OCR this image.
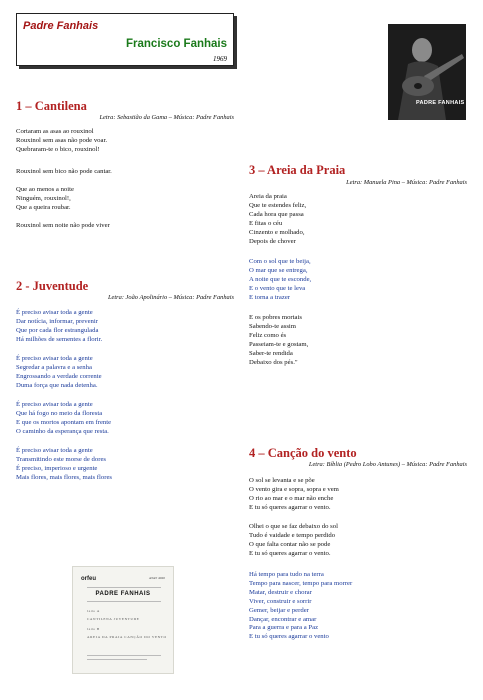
Padre Fanhais
Francisco Fanhais
1969
PADRE FANHAIS
1 – Cantilena
Letra: Sebastião da Gama – Música: Padre Fanhais
Cortaram as asas ao rouxinol
Rouxinol sem asas não pode voar.
Quebraram-te o bico, rouxinol!
Rouxinol sem bico não pode cantar.
Que ao menos a noite
Ninguém, rouxinol!,
Que a queira roubar.
Rouxinol sem noite não pode viver
2 - Juventude
Letra: João Apolinário – Música: Padre Fanhais
É preciso avisar toda a gente
Dar notícia, informar, prevenir
Que por cada flor estrangulada
Há milhões de sementes a florir.
É preciso avisar toda a gente
Segredar a palavra e a senha
Engrossando a verdade corrente
Duma força que nada detenha.
É preciso avisar toda a gente
Que há fogo no meio da floresta
E que os mortos apontam em frente
O caminho da esperança que resta.
É preciso avisar toda a gente
Transmitindo este morse de dores
É preciso, imperioso e urgente
Mais flores, mais flores, mais flores
3 – Areia da Praia
Letra: Manuela Pina – Música: Padre Fanhais
Areia da praia
Que te estendes feliz,
Cada hora que passa
E fitas o céu
Cinzento e molhado,
Depois de chover
Com o sol que te beija,
O mar que se entrega,
A noite que te esconde,
E o vento que te leva
E torna a trazer
E os pobres mortais
Sabendo-te assim
Feliz como és
Passeiam-te e gostam,
Saber-te rendida
Debaixo dos pés."
4 – Canção do vento
Letra: Bíblia (Pedro Lobo Antunes) – Música: Padre Fanhais
O sol se levanta e se põe
O vento gira e sopra, sopra e vem
O rio ao mar e o mar não enche
E tu só queres agarrar o vento.
Olhei o que se faz debaixo do sol
Tudo é vaidade e tempo perdido
O que falta contar não se pode
E tu só queres agarrar o vento.
Há tempo para tudo na terra
Tempo para nascer, tempo para morrer
Matar, destruir e chorar
Viver, construir e sorrir
Gemer, beijar e perder
Dançar, encontrar e amar
Para a guerra e para a Paz
E tu só queres agarrar o vento
orfeu	ATAT 4020
PADRE FANHAIS
lado A
CANTILENA JUVENTUDE
lado B
AREIA DA PRAIA CANÇÃO DO VENTO
